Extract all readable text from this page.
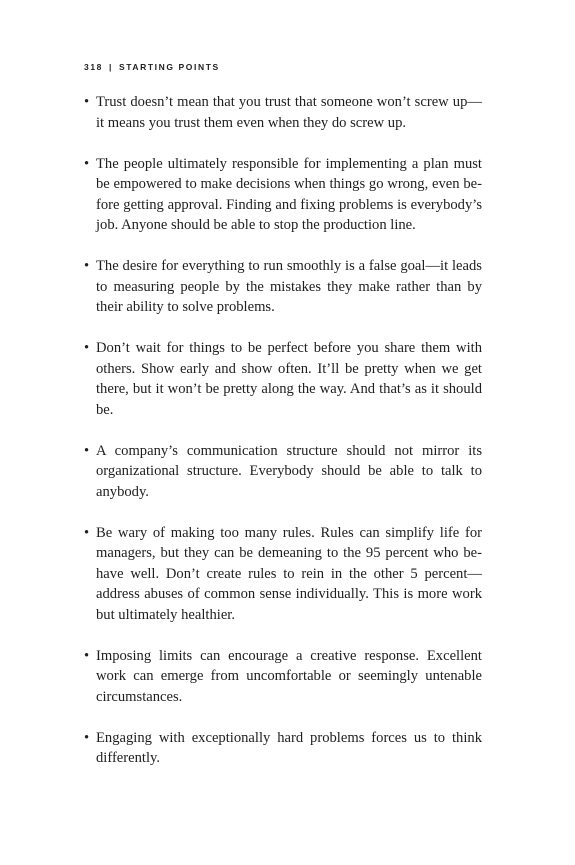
318 | STARTING POINTS
• Trust doesn’t mean that you trust that someone won’t screw up—it means you trust them even when they do screw up.
• The people ultimately responsible for implementing a plan must be empowered to make decisions when things go wrong, even before getting approval. Finding and fixing problems is everybody’s job. Anyone should be able to stop the production line.
• The desire for everything to run smoothly is a false goal—it leads to measuring people by the mistakes they make rather than by their ability to solve problems.
• Don’t wait for things to be perfect before you share them with others. Show early and show often. It’ll be pretty when we get there, but it won’t be pretty along the way. And that’s as it should be.
• A company’s communication structure should not mirror its organizational structure. Everybody should be able to talk to anybody.
• Be wary of making too many rules. Rules can simplify life for managers, but they can be demeaning to the 95 percent who behave well. Don’t create rules to rein in the other 5 percent—address abuses of common sense individually. This is more work but ultimately healthier.
• Imposing limits can encourage a creative response. Excellent work can emerge from uncomfortable or seemingly untenable circumstances.
• Engaging with exceptionally hard problems forces us to think differently.
